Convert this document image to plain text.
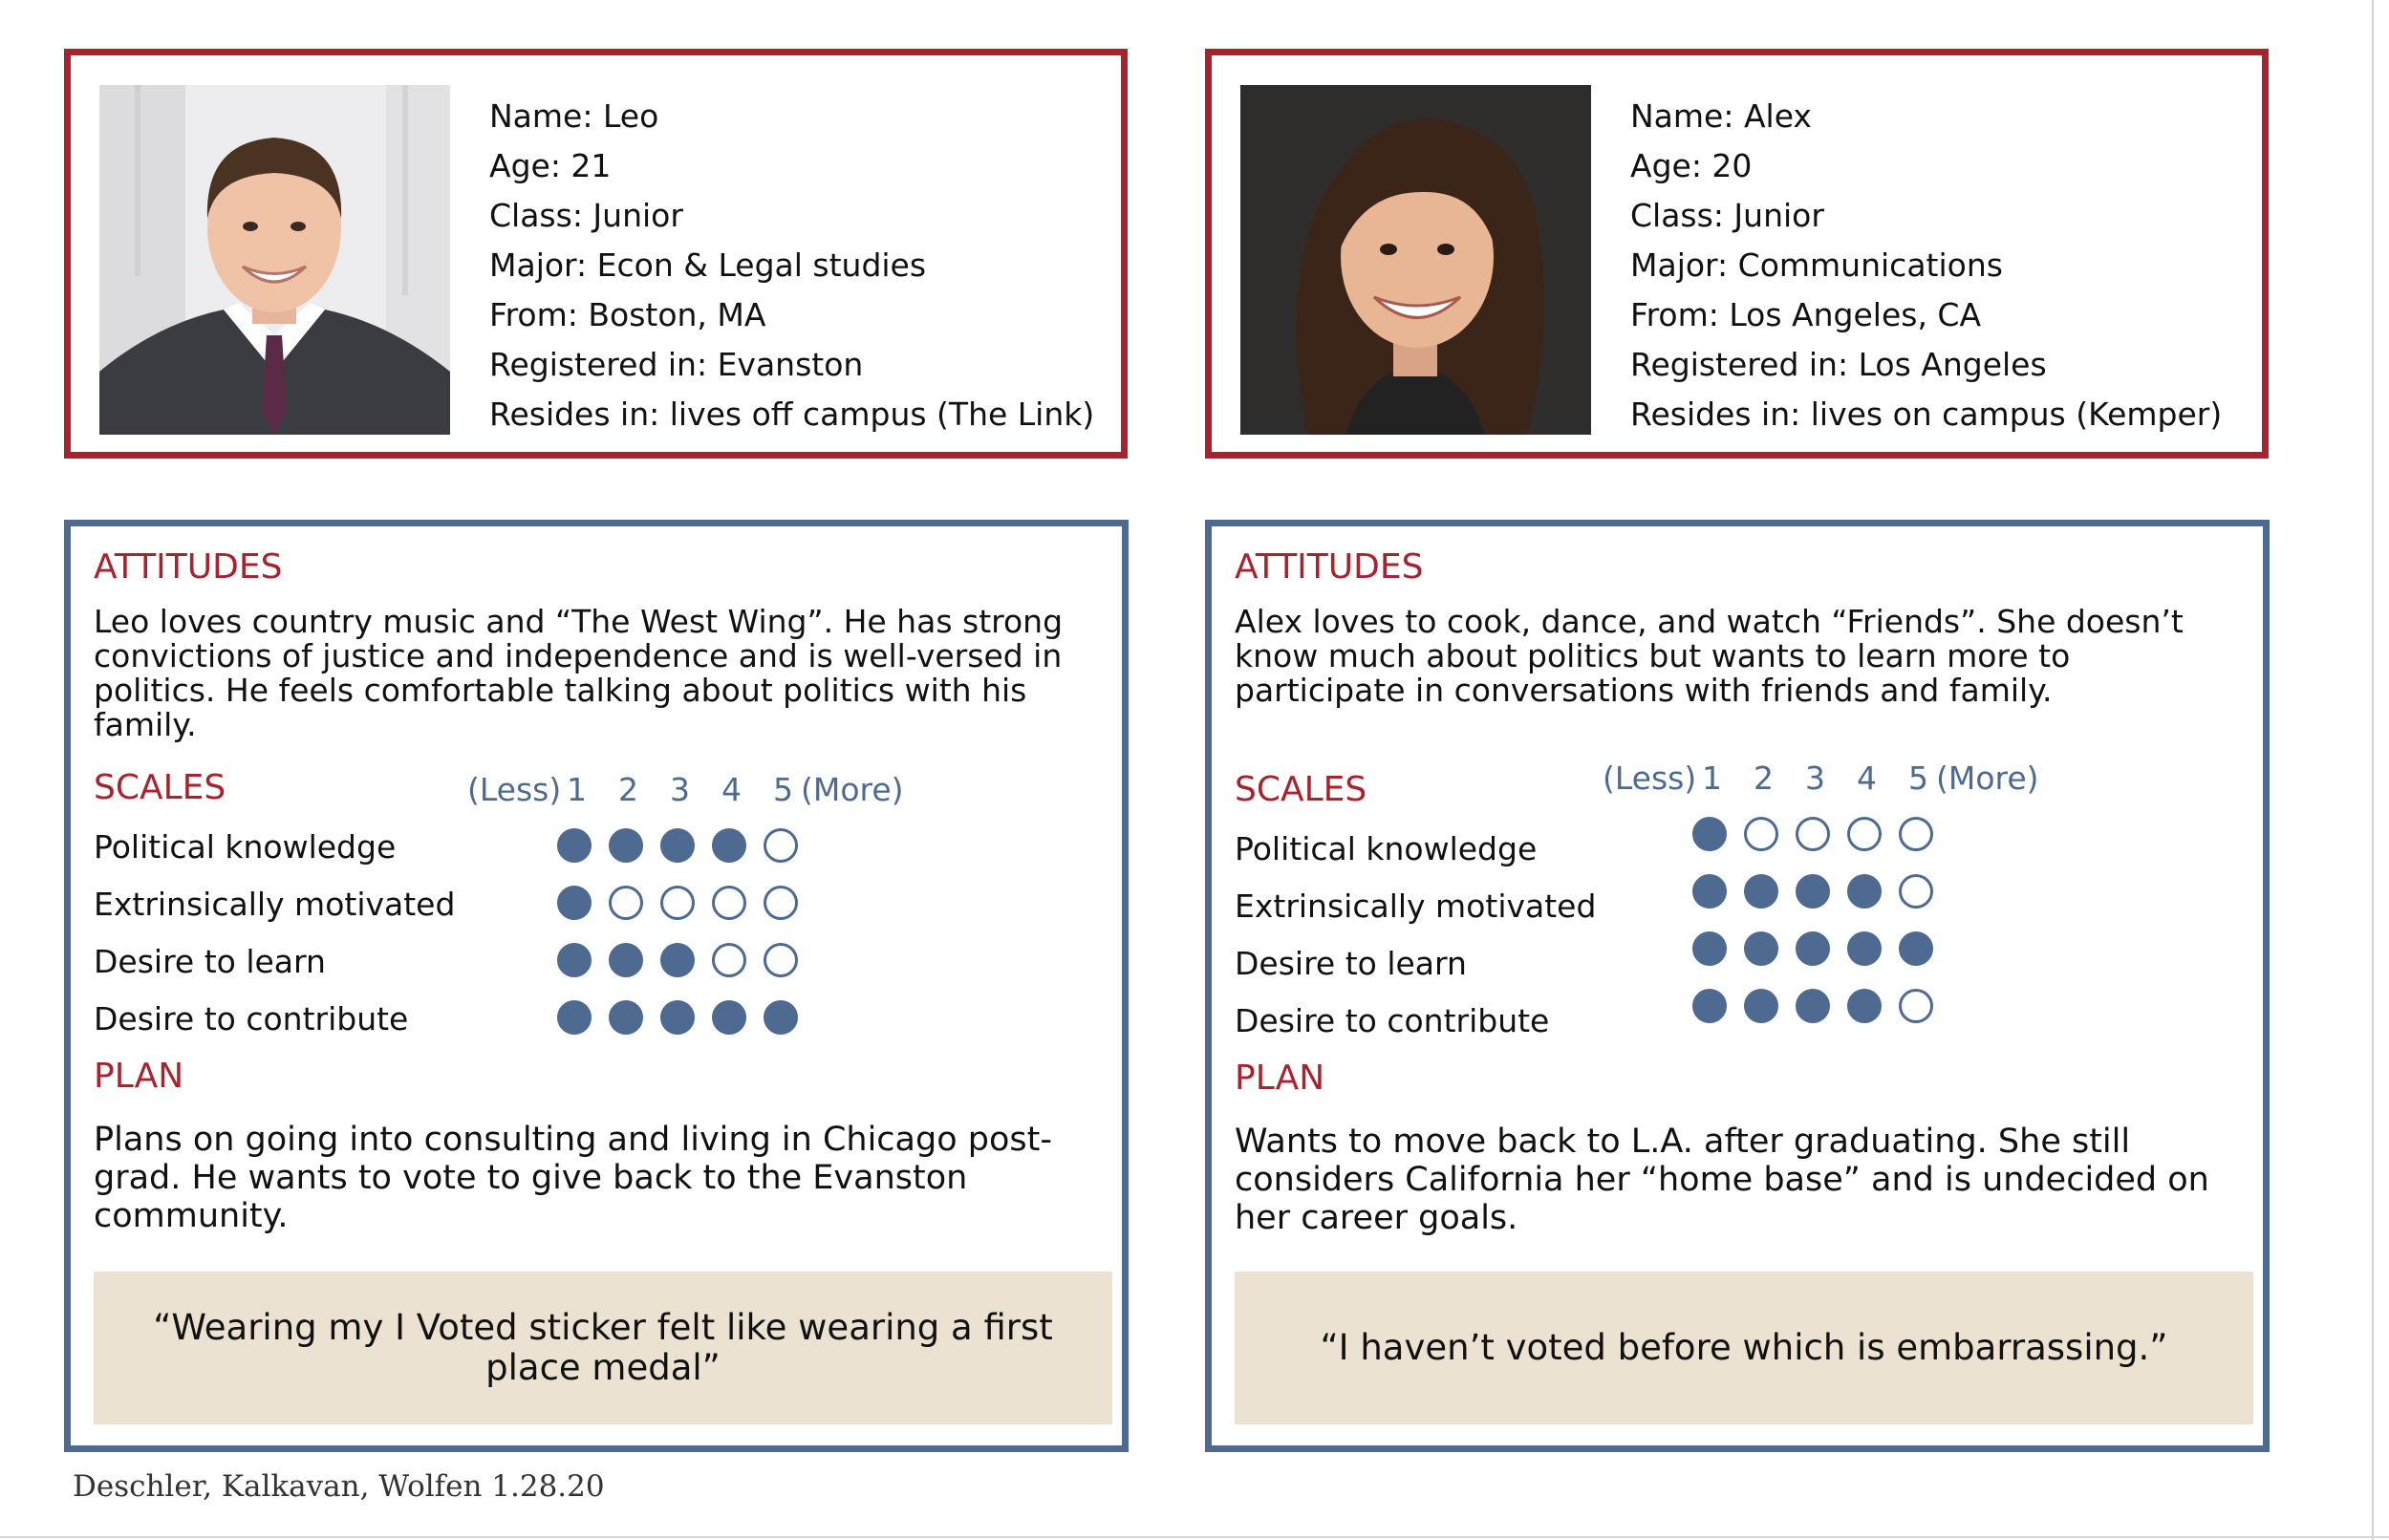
Name: Leo
Age: 21
Class: Junior
Major: Econ & Legal studies
From: Boston, MA
Registered in: Evanston
Resides in: lives off campus (The Link)
Name: Alex
Age: 20
Class: Junior
Major: Communications
From: Los Angeles, CA
Registered in: Los Angeles
Resides in: lives on campus (Kemper)
ATTITUDES

Leo loves country music and “The West Wing”. He has strong convictions of justice and independence and is well-versed in politics. He feels comfortable talking about politics with his family.

SCALES	(Less) 1 2 3 4 5 (More)
Political knowledge
Extrinsically motivated
Desire to learn
Desire to contribute
PLAN

Plans on going into consulting and living in Chicago post-grad. He wants to vote to give back to the Evanston community.

“Wearing my I Voted sticker felt like wearing a first place medal”
ATTITUDES

Alex loves to cook, dance, and watch “Friends”. She doesn’t know much about politics but wants to learn more to participate in conversations with friends and family.

SCALES	(Less) 1 2 3 4 5 (More)
Political knowledge
Extrinsically motivated
Desire to learn
Desire to contribute
PLAN

Wants to move back to L.A. after graduating. She still considers California her “home base” and is undecided on her career goals.

“I haven’t voted before which is embarrassing.”
Deschler, Kalkavan, Wolfen 1.28.20
